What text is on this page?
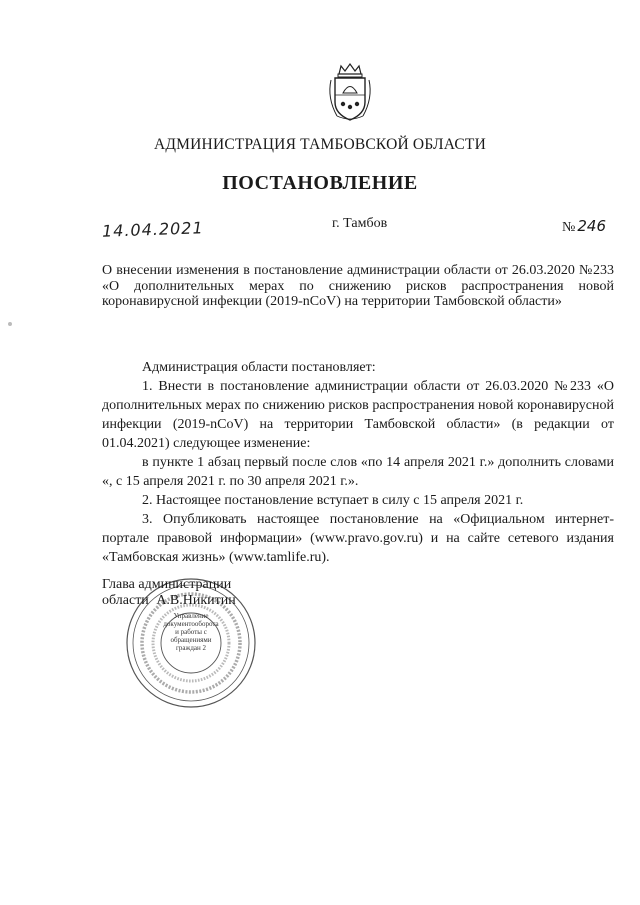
АДМИНИСТРАЦИЯ ТАМБОВСКОЙ ОБЛАСТИ
ПОСТАНОВЛЕНИЕ
14.04.2021	г. Тамбов	№ 246
О внесении изменения в постановление администрации области от 26.03.2020 №233 «О дополнительных мерах по снижению рисков распространения новой коронавирусной инфекции (2019-nCoV) на территории Тамбовской области»

Администрация области постановляет:

1. Внести в постановление администрации области от 26.03.2020 №233 «О дополнительных мерах по снижению рисков распространения новой коронавирусной инфекции (2019-nCoV) на территории Тамбовской области» (в редакции от 01.04.2021) следующее изменение:

в пункте 1 абзац первый после слов «по 14 апреля 2021 г.» дополнить словами «, с 15 апреля 2021 г. по 30 апреля 2021 г.».

2. Настоящее постановление вступает в силу с 15 апреля 2021 г.

3. Опубликовать настоящее постановление на «Официальном интернет-портале правовой информации» (www.pravo.gov.ru) и на сайте сетевого издания «Тамбовская жизнь» (www.tamlife.ru).

Управление документооборота и работы с обращениями граждан 2
Глава администрации
области А.В.Никитин
